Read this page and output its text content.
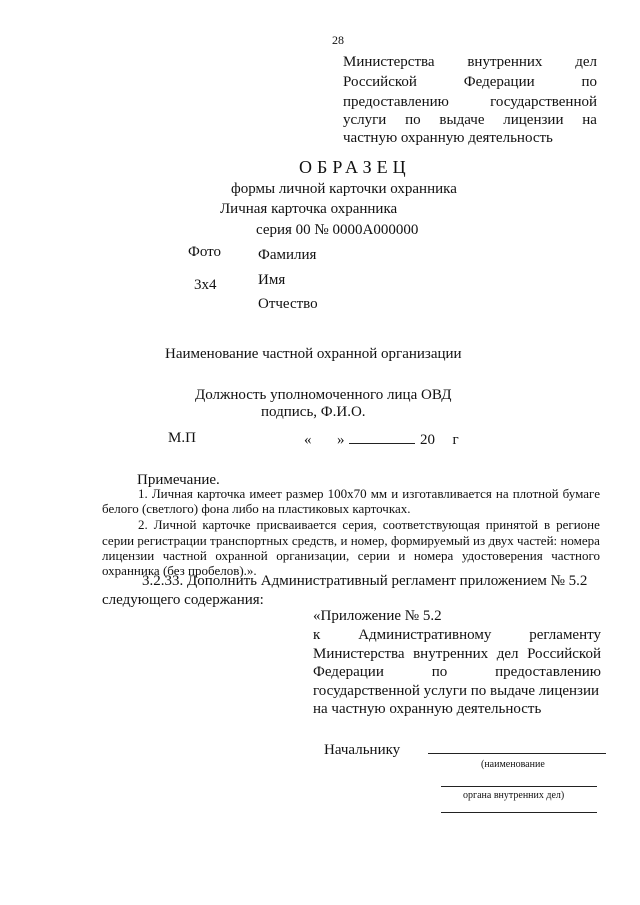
28
Министерства внутренних дел
Российской	Федерации	по
предоставлению	государственной
услуги по выдаче лицензии на
частную охранную деятельность
ОБРАЗЕЦ
формы личной карточки охранника
Личная карточка охранника
серия 00 № 0000А000000
Фото Фамилия
Имя
3х4
Отчество
Наименование частной охранной организации
Должность уполномоченного лица ОВД
подпись, Ф.И.О.
М.П	« »	20 г
Примечание.
1. Личная карточка имеет размер 100х70 мм и изготавливается на плотной бумаге
белого (светлого) фона либо на пластиковых карточках.
2. Личной карточке присваивается серия, соответствующая принятой в регионе
серии регистрации транспортных средств, и номер, формируемый из двух частей: номера
лицензии частной охранной организации, серии и номера удостоверения частного
охранника (без пробелов).».
3.2.33. Дополнить Административный регламент приложением № 5.2
следующего содержания:
«Приложение № 5.2
к	Административному	регламенту
Министерства внутренних дел Российской
Федерации	по	предоставлению
государственной услуги по выдаче лицензии
на частную охранную деятельность
Начальнику
(наименование
органа внутренних дел)
